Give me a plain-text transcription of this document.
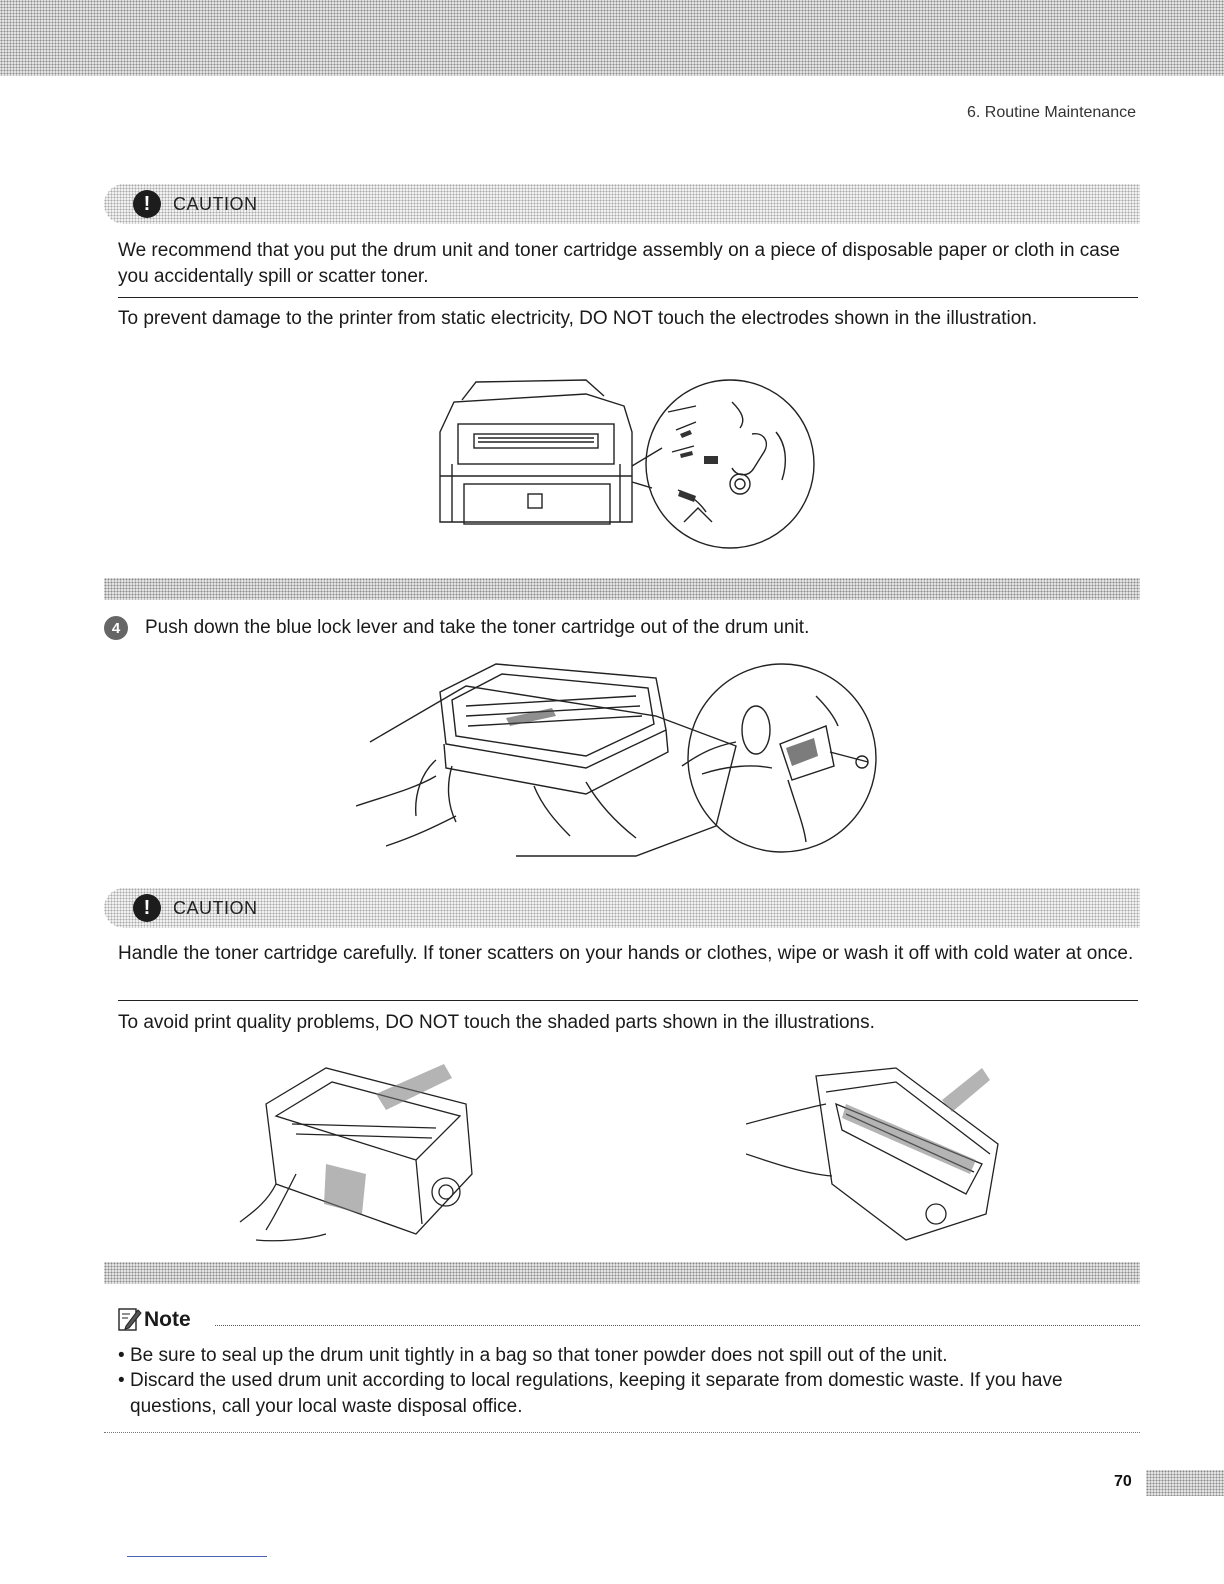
6. Routine Maintenance
!	CAUTION

We recommend that you put the drum unit and toner cartridge assembly on a piece of disposable paper or cloth in case you accidentally spill or scatter toner.

To prevent damage to the printer from static electricity, DO NOT touch the electrodes shown in the illustration.

4	Push down the blue lock lever and take the toner cartridge out of the drum unit.
!	CAUTION

Handle the toner cartridge carefully. If toner scatters on your hands or clothes, wipe or wash it off with cold water at once.

To avoid print quality problems, DO NOT touch the shaded parts shown in the illustrations.

Note
• Be sure to seal up the drum unit tightly in a bag so that toner powder does not spill out of the unit.
• Discard the used drum unit according to local regulations, keeping it separate from domestic waste. If you have questions, call your local waste disposal office.
70
